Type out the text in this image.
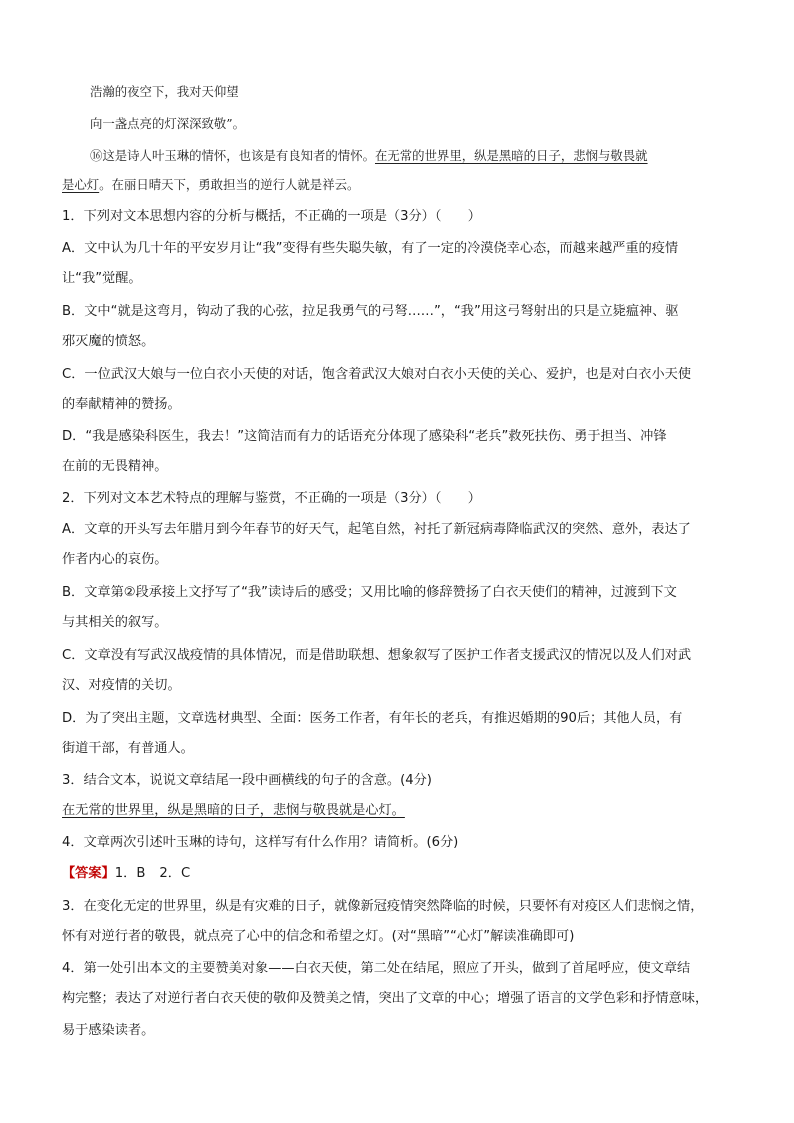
浩瀚的夜空下，我对天仰望
向一盏点亮的灯深深致敬”。
⑯这是诗人叶玉琳的情怀，也该是有良知者的情怀。在无常的世界里，纵是黑暗的日子，悲悯与敬畏就
是心灯。在丽日晴天下，勇敢担当的逆行人就是祥云。
1．下列对文本思想内容的分析与概括，不正确的一项是（3分）（　　）
A．文中认为几十年的平安岁月让“我”变得有些失聪失敏，有了一定的冷漠侥幸心态，而越来越严重的疫情
让“我”觉醒。
B．文中“就是这弯月，钩动了我的心弦，拉足我勇气的弓弩……”，“我”用这弓弩射出的只是立毙瘟神、驱
邪灭魔的愤怒。
C．一位武汉大娘与一位白衣小天使的对话，饱含着武汉大娘对白衣小天使的关心、爱护，也是对白衣小天使
的奉献精神的赞扬。
D．“我是感染科医生，我去！”这简洁而有力的话语充分体现了感染科“老兵”救死扶伤、勇于担当、冲锋
在前的无畏精神。
2．下列对文本艺术特点的理解与鉴赏，不正确的一项是（3分）（　　）
A．文章的开头写去年腊月到今年春节的好天气，起笔自然，衬托了新冠病毒降临武汉的突然、意外，表达了
作者内心的哀伤。
B．文章第②段承接上文抒写了“我”读诗后的感受；又用比喻的修辞赞扬了白衣天使们的精神，过渡到下文
与其相关的叙写。
C．文章没有写武汉战疫情的具体情况，而是借助联想、想象叙写了医护工作者支援武汉的情况以及人们对武
汉、对疫情的关切。
D．为了突出主题，文章选材典型、全面：医务工作者，有年长的老兵，有推迟婚期的90后；其他人员，有
街道干部，有普通人。
3．结合文本，说说文章结尾一段中画横线的句子的含意。(4分)
在无常的世界里，纵是黑暗的日子，悲悯与敬畏就是心灯。
4．文章两次引述叶玉琳的诗句，这样写有什么作用？请简析。(6分)
【答案】1．B 2．C
3．在变化无定的世界里，纵是有灾难的日子，就像新冠疫情突然降临的时候，只要怀有对疫区人们悲悯之情，
怀有对逆行者的敬畏，就点亮了心中的信念和希望之灯。(对“黑暗”“心灯”解读准确即可)
4．第一处引出本文的主要赞美对象——白衣天使，第二处在结尾，照应了开头，做到了首尾呼应，使文章结
构完整；表达了对逆行者白衣天使的敬仰及赞美之情，突出了文章的中心；增强了语言的文学色彩和抒情意味，
易于感染读者。
